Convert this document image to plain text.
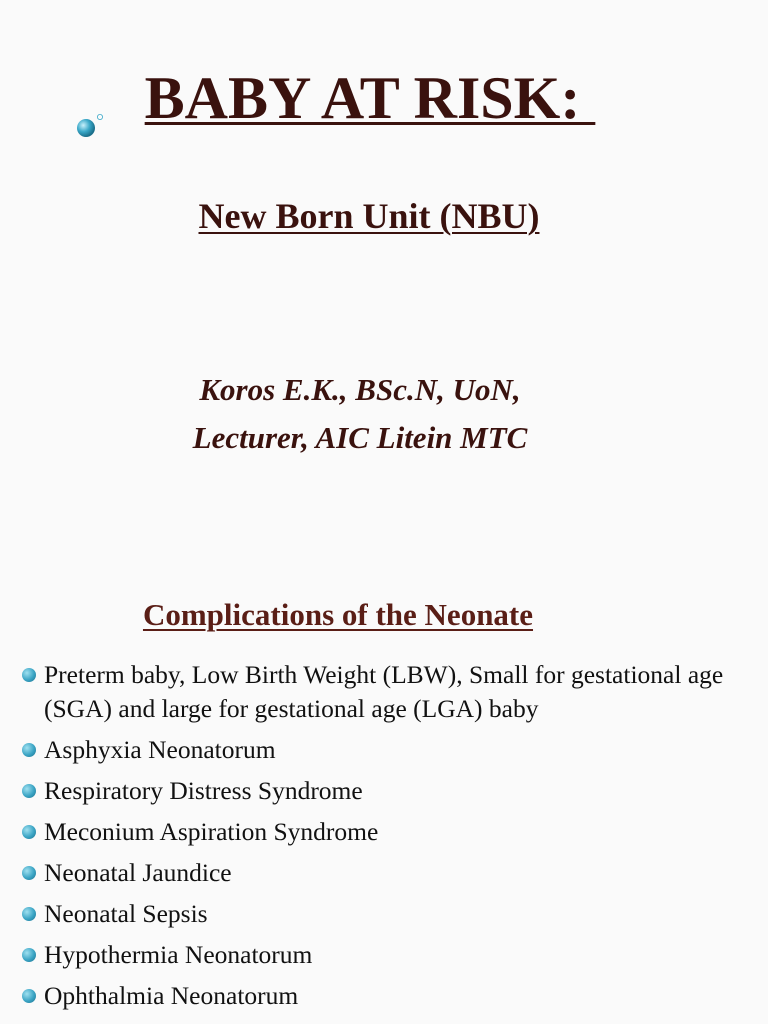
BABY AT RISK:
New Born Unit (NBU)
Koros E.K., BSc.N, UoN,
Lecturer, AIC Litein MTC
Complications of the Neonate
Preterm baby, Low Birth Weight (LBW), Small for gestational age (SGA) and large for gestational age (LGA) baby
Asphyxia Neonatorum
Respiratory Distress Syndrome
Meconium Aspiration Syndrome
Neonatal Jaundice
Neonatal Sepsis
Hypothermia Neonatorum
Ophthalmia Neonatorum
